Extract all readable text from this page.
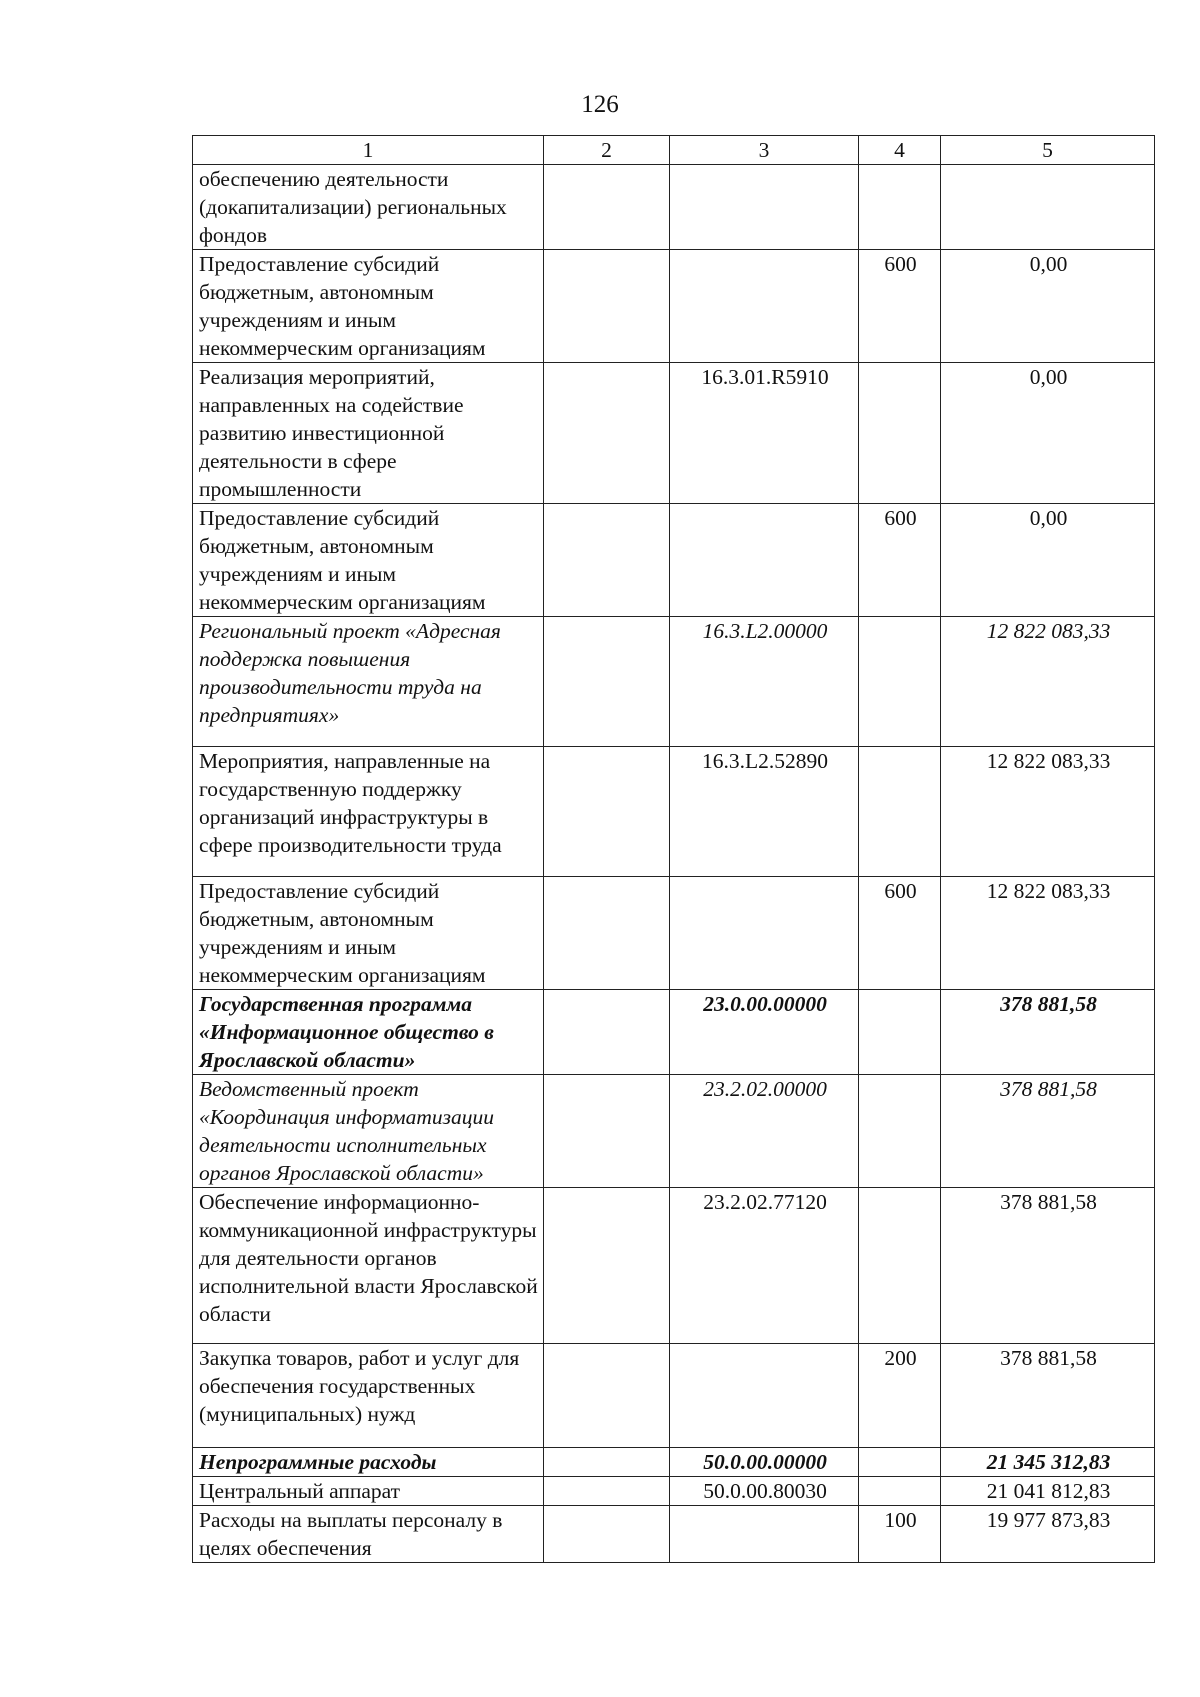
126
1	2	3	4	5
обеспечению деятельности (докапитализации) региональных фондов				
Предоставление субсидий бюджетным, автономным учреждениям и иным некоммерческим организациям			600	0,00
Реализация мероприятий, направленных на содействие развитию инвестиционной деятельности в сфере промышленности		16.3.01.R5910		0,00
Предоставление субсидий бюджетным, автономным учреждениям и иным некоммерческим организациям			600	0,00
Региональный проект «Адресная поддержка повышения производительности труда на предприятиях»		16.3.L2.00000		12 822 083,33
Мероприятия, направленные на государственную поддержку организаций инфраструктуры в сфере производительности труда		16.3.L2.52890		12 822 083,33
Предоставление субсидий бюджетным, автономным учреждениям и иным некоммерческим организациям			600	12 822 083,33
Государственная программа «Информационное общество в Ярославской области»		23.0.00.00000		378 881,58
Ведомственный проект «Координация информатизации деятельности исполнительных органов Ярославской области»		23.2.02.00000		378 881,58
Обеспечение информационно-коммуникационной инфраструктуры для деятельности органов исполнительной власти Ярославской области		23.2.02.77120		378 881,58
Закупка товаров, работ и услуг для обеспечения государственных (муниципальных) нужд			200	378 881,58
Непрограммные расходы		50.0.00.00000		21 345 312,83
Центральный аппарат		50.0.00.80030		21 041 812,83
Расходы на выплаты персоналу в целях обеспечения			100	19 977 873,83
